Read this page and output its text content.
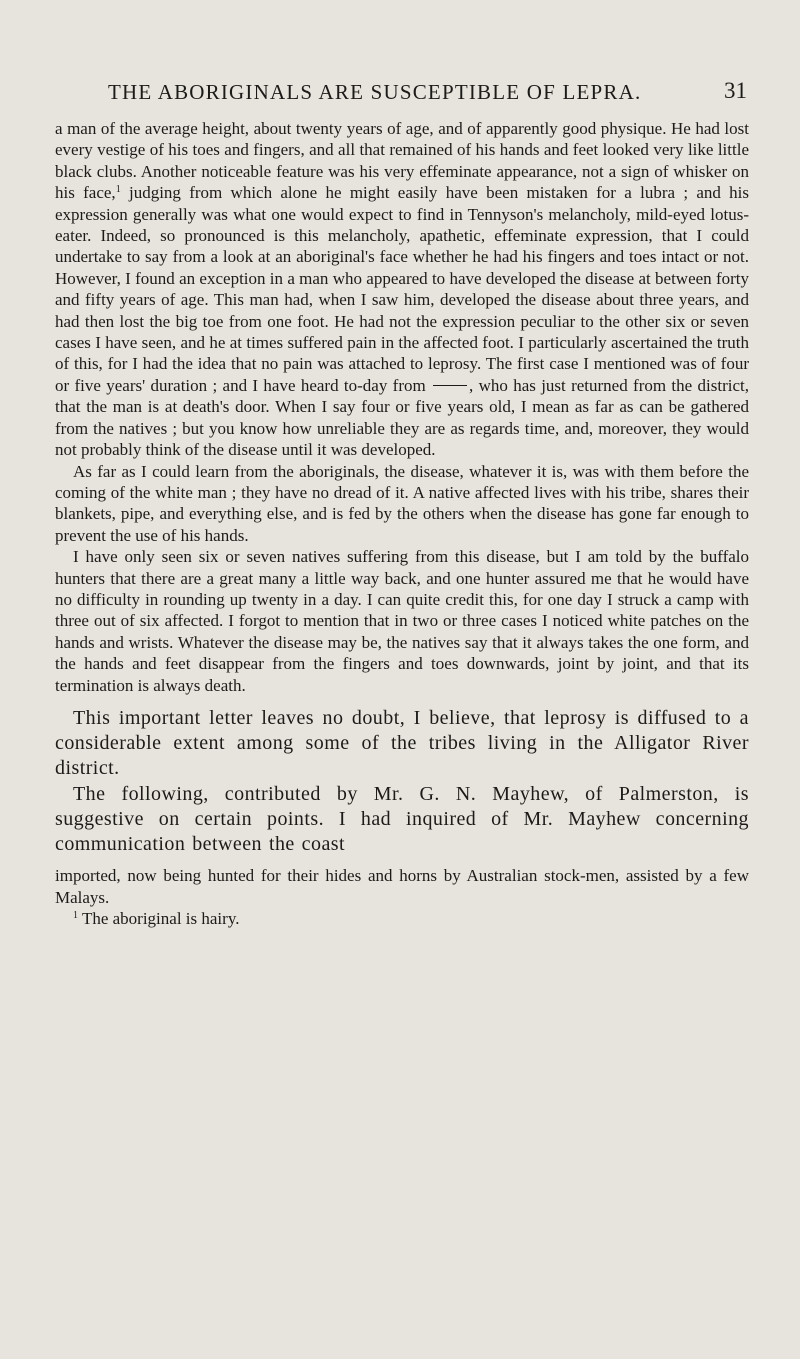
THE ABORIGINALS ARE SUSCEPTIBLE OF LEPRA.	31

a man of the average height, about twenty years of age, and of apparently good physique. He had lost every vestige of his toes and fingers, and all that remained of his hands and feet looked very like little black clubs. Another noticeable feature was his very effeminate appearance, not a sign of whisker on his face,$^1$ judging from which alone he might easily have been mistaken for a lubra ; and his expression generally was what one would expect to find in Tennyson's melancholy, mild-eyed lotus-eater. Indeed, so pronounced is this melancholy, apathetic, effeminate expression, that I could undertake to say from a look at an aboriginal's face whether he had his fingers and toes intact or not. However, I found an exception in a man who appeared to have developed the disease at between forty and fifty years of age. This man had, when I saw him, developed the disease about three years, and had then lost the big toe from one foot. He had not the expression peculiar to the other six or seven cases I have seen, and he at times suffered pain in the affected foot. I particularly ascertained the truth of this, for I had the idea that no pain was attached to leprosy. The first case I mentioned was of four or five years' duration ; and I have heard to-day from	, who has just returned from the district, that the man is at death's door. When I say four or five years old, I mean as far as can be gathered from the natives ; but you know how unreliable they are as regards time, and, moreover, they would not probably think of the disease until it was developed.

As far as I could learn from the aboriginals, the disease, whatever it is, was with them before the coming of the white man ; they have no dread of it. A native affected lives with his tribe, shares their blankets, pipe, and everything else, and is fed by the others when the disease has gone far enough to prevent the use of his hands.

I have only seen six or seven natives suffering from this disease, but I am told by the buffalo hunters that there are a great many a little way back, and one hunter assured me that he would have no difficulty in rounding up twenty in a day. I can quite credit this, for one day I struck a camp with three out of six affected. I forgot to mention that in two or three cases I noticed white patches on the hands and wrists. Whatever the disease may be, the natives say that it always takes the one form, and the hands and feet disappear from the fingers and toes downwards, joint by joint, and that its termination is always death.

This important letter leaves no doubt, I believe, that leprosy is diffused to a considerable extent among some of the tribes living in the Alligator River district.

The following, contributed by Mr. G. N. Mayhew, of Palmerston, is suggestive on certain points. I had inquired of Mr. Mayhew concerning communication between the coast

imported, now being hunted for their hides and horns by Australian stock-men, assisted by a few Malays.

$^1$ The aboriginal is hairy.
